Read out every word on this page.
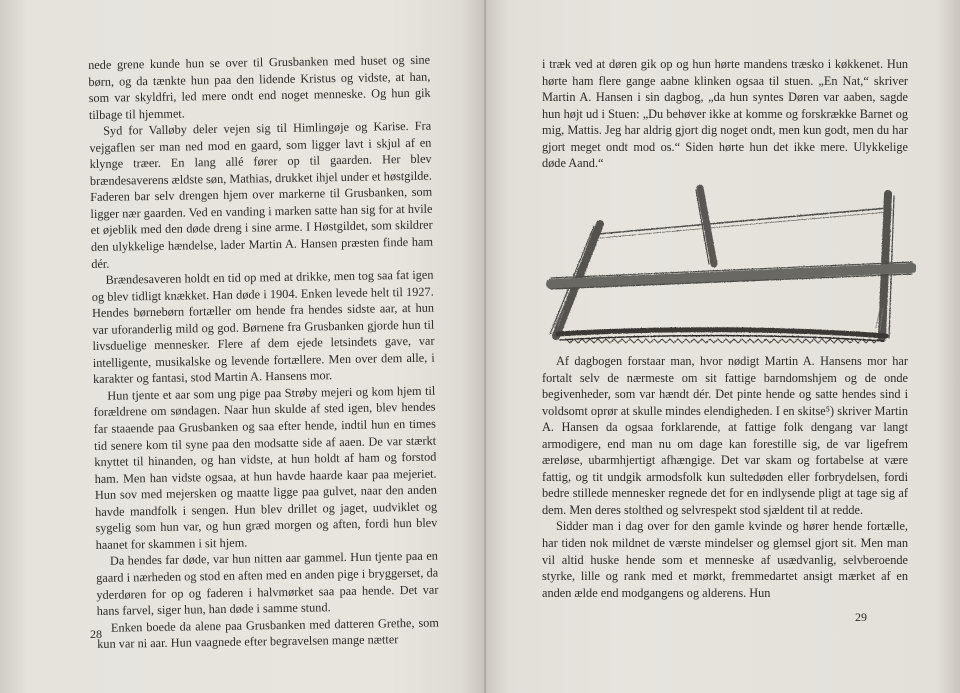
nede grene kunde hun se over til Grusbanken med huset og sine børn, og da tænkte hun paa den lidende Kristus og vidste, at han, som var skyldfri, led mere ondt end noget menneske. Og hun gik tilbage til hjemmet.

Syd for Valløby deler vejen sig til Himlingøje og Karise. Fra vejgaflen ser man ned mod en gaard, som ligger lavt i skjul af en klynge træer. En lang allé fører op til gaarden. Her blev brændesaverens ældste søn, Mathias, drukket ihjel under et høstgilde. Faderen bar selv drengen hjem over markerne til Grusbanken, som ligger nær gaarden. Ved en vanding i marken satte han sig for at hvile et øjeblik med den døde dreng i sine arme. I Høstgildet, som skildrer den ulykkelige hændelse, lader Martin A. Hansen præsten finde ham dér.

Brændesaveren holdt en tid op med at drikke, men tog saa fat igen og blev tidligt knækket. Han døde i 1904. Enken levede helt til 1927. Hendes børnebørn fortæller om hende fra hendes sidste aar, at hun var uforanderlig mild og god. Børnene fra Grusbanken gjorde hun til livsduelige mennesker. Flere af dem ejede letsindets gave, var intelligente, musikalske og levende fortællere. Men over dem alle, i karakter og fantasi, stod Martin A. Hansens mor.

Hun tjente et aar som ung pige paa Strøby mejeri og kom hjem til forældrene om søndagen. Naar hun skulde af sted igen, blev hendes far staaende paa Grusbanken og saa efter hende, indtil hun en times tid senere kom til syne paa den modsatte side af aaen. De var stærkt knyttet til hinanden, og han vidste, at hun holdt af ham og forstod ham. Men han vidste ogsaa, at hun havde haarde kaar paa mejeriet. Hun sov med mejersken og maatte ligge paa gulvet, naar den anden havde mandfolk i sengen. Hun blev drillet og jaget, uudviklet og sygelig som hun var, og hun græd morgen og aften, fordi hun blev haanet for skammen i sit hjem.

Da hendes far døde, var hun nitten aar gammel. Hun tjente paa en gaard i nærheden og stod en aften med en anden pige i bryggerset, da yderdøren for op og faderen i halvmørket saa paa hende. Det var hans farvel, siger hun, han døde i samme stund.

Enken boede da alene paa Grusbanken med datteren Grethe, som kun var ni aar. Hun vaagnede efter begravelsen mange nætter

28

i træk ved at døren gik op og hun hørte mandens træsko i køkkenet. Hun hørte ham flere gange aabne klinken ogsaa til stuen. „En Nat,“ skriver Martin A. Hansen i sin dagbog, „da hun syntes Døren var aaben, sagde hun højt ud i Stuen: „Du behøver ikke at komme og forskrække Barnet og mig, Mattis. Jeg har aldrig gjort dig noget ondt, men kun godt, men du har gjort meget ondt mod os.“ Siden hørte hun det ikke mere. Ulykkelige døde Aand.“

Af dagbogen forstaar man, hvor nødigt Martin A. Hansens mor har fortalt selv de nærmeste om sit fattige barndomshjem og de onde begivenheder, som var hændt dér. Det pinte hende og satte hendes sind i voldsomt oprør at skulle mindes elendigheden. I en skitse⁵) skriver Martin A. Hansen da ogsaa forklarende, at fattige folk dengang var langt armodigere, end man nu om dage kan forestille sig, de var ligefrem æreløse, ubarmhjertigt afhængige. Det var skam og fortabelse at være fattig, og tit undgik armodsfolk kun sultedøden eller forbrydelsen, fordi bedre stillede mennesker regnede det for en indlysende pligt at tage sig af dem. Men deres stolthed og selvrespekt stod sjældent til at redde.

Sidder man i dag over for den gamle kvinde og hører hende fortælle, har tiden nok mildnet de værste mindelser og glemsel gjort sit. Men man vil altid huske hende som et menneske af usædvanlig, selvberoende styrke, lille og rank med et mørkt, fremmedartet ansigt mærket af en anden ælde end modgangens og alderens. Hun

29
